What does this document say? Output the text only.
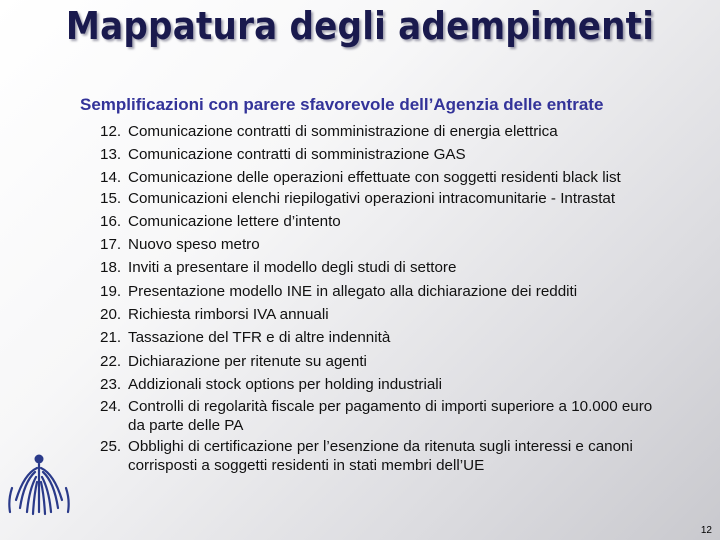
Mappatura degli adempimenti

Semplificazioni con parere sfavorevole dell’Agenzia delle entrate

12. Comunicazione contratti di somministrazione di energia elettrica
13. Comunicazione contratti di somministrazione GAS
14. Comunicazione delle operazioni effettuate con soggetti residenti black list
15. Comunicazioni elenchi riepilogativi operazioni intracomunitarie - Intrastat
16. Comunicazione lettere d’intento
17. Nuovo speso metro
18. Inviti a presentare il modello degli studi di settore
19. Presentazione modello INE in allegato alla dichiarazione dei redditi
20. Richiesta rimborsi IVA annuali
21. Tassazione del TFR e di altre indennità
22. Dichiarazione per ritenute su agenti
23. Addizionali stock options per holding industriali
24. Controlli di regolarità fiscale per pagamento di importi superiore a 10.000 euro da parte delle PA
25. Obblighi di certificazione per l’esenzione da ritenuta sugli interessi e canoni corrisposti a soggetti residenti in stati membri dell’UE
12
